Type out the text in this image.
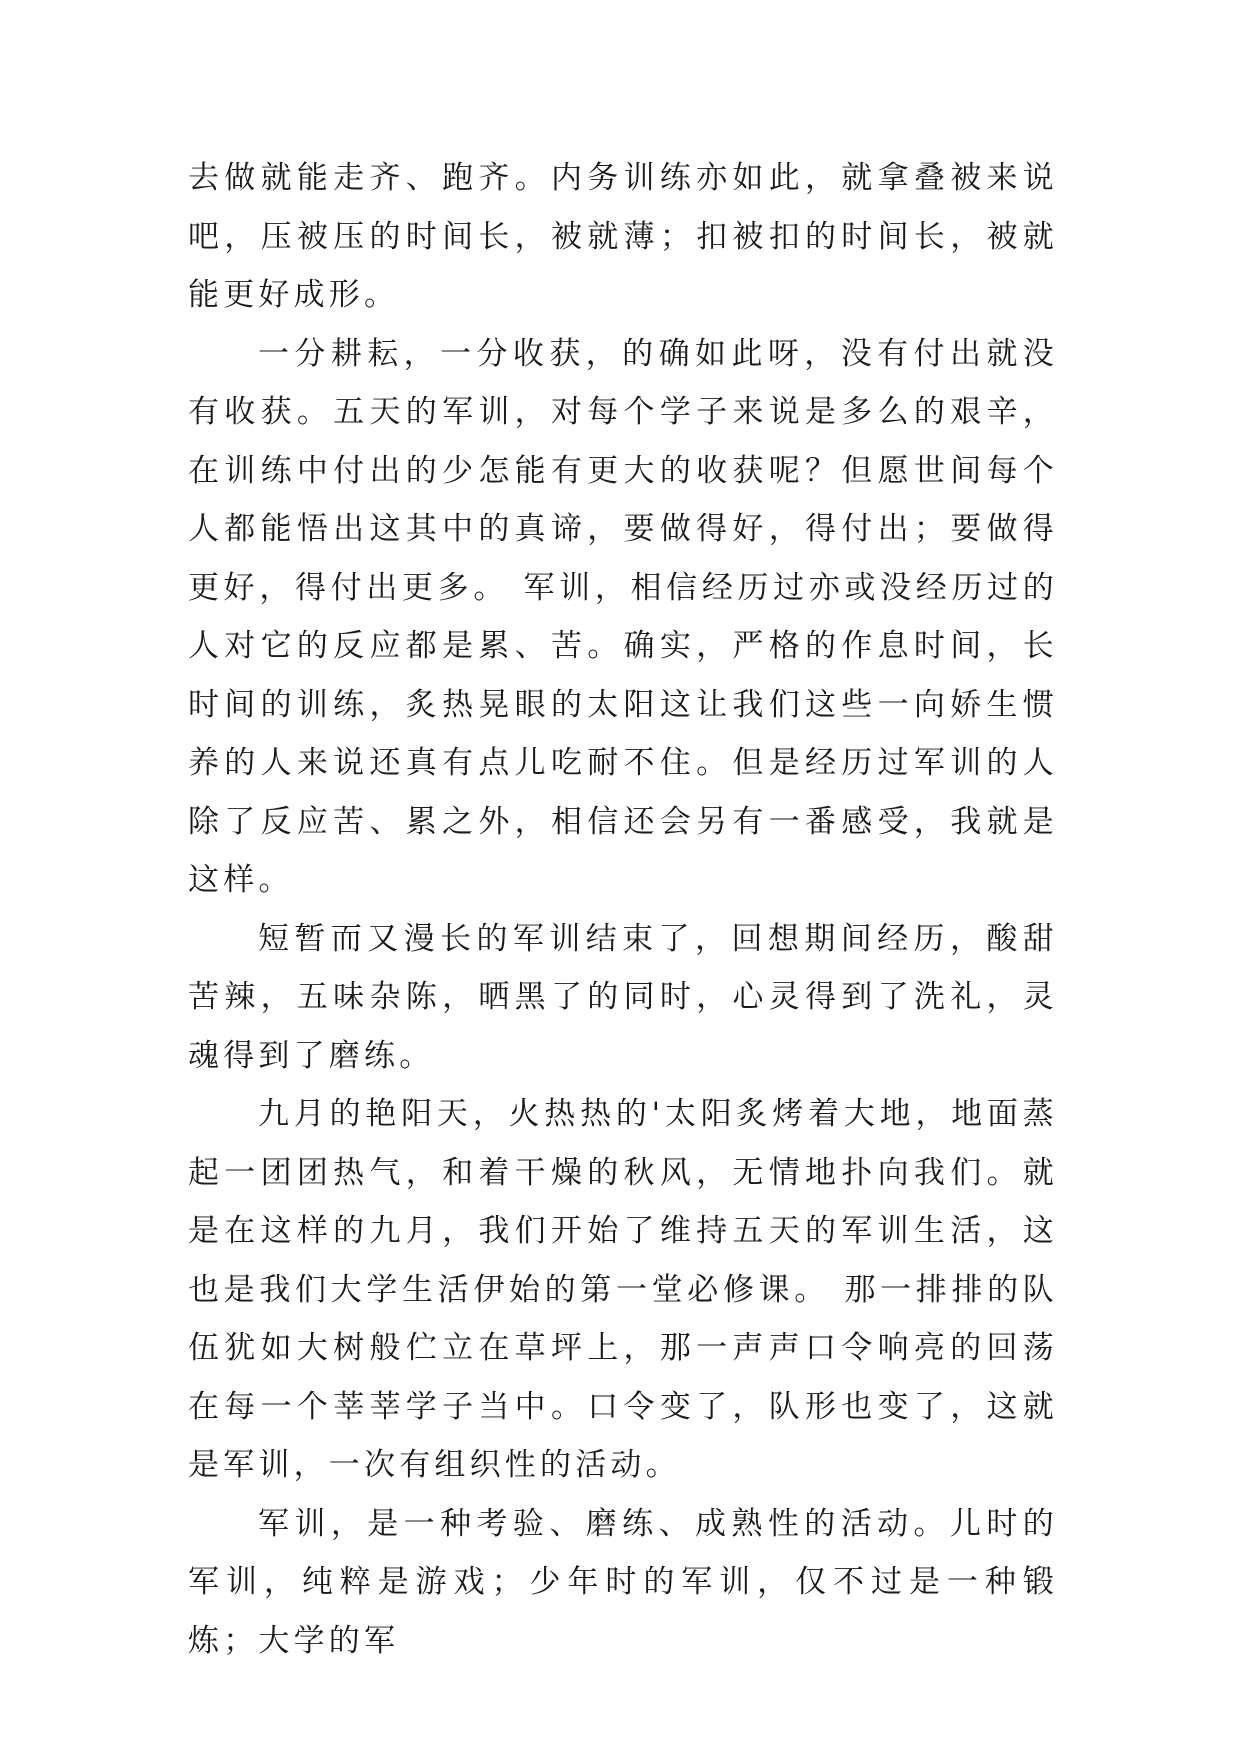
去做就能走齐、跑齐。内务训练亦如此，就拿叠被来说吧，压被压的时间长，被就薄；扣被扣的时间长，被就能更好成形。

一分耕耘，一分收获，的确如此呀，没有付出就没有收获。五天的军训，对每个学子来说是多么的艰辛，在训练中付出的少怎能有更大的收获呢？但愿世间每个人都能悟出这其中的真谛，要做得好，得付出；要做得更好，得付出更多。 军训，相信经历过亦或没经历过的人对它的反应都是累、苦。确实，严格的作息时间，长时间的训练，炙热晃眼的太阳这让我们这些一向娇生惯养的人来说还真有点儿吃耐不住。但是经历过军训的人除了反应苦、累之外，相信还会另有一番感受，我就是这样。

短暂而又漫长的军训结束了，回想期间经历，酸甜苦辣，五味杂陈，晒黑了的同时，心灵得到了洗礼，灵魂得到了磨练。

九月的艳阳天，火热热的'太阳炙烤着大地，地面蒸起一团团热气，和着干燥的秋风，无情地扑向我们。就是在这样的九月，我们开始了维持五天的军训生活，这也是我们大学生活伊始的第一堂必修课。 那一排排的队伍犹如大树般伫立在草坪上，那一声声口令响亮的回荡在每一个莘莘学子当中。口令变了，队形也变了，这就是军训，一次有组织性的活动。

军训，是一种考验、磨练、成熟性的活动。儿时的军训，纯粹是游戏；少年时的军训，仅不过是一种锻炼；大学的军
